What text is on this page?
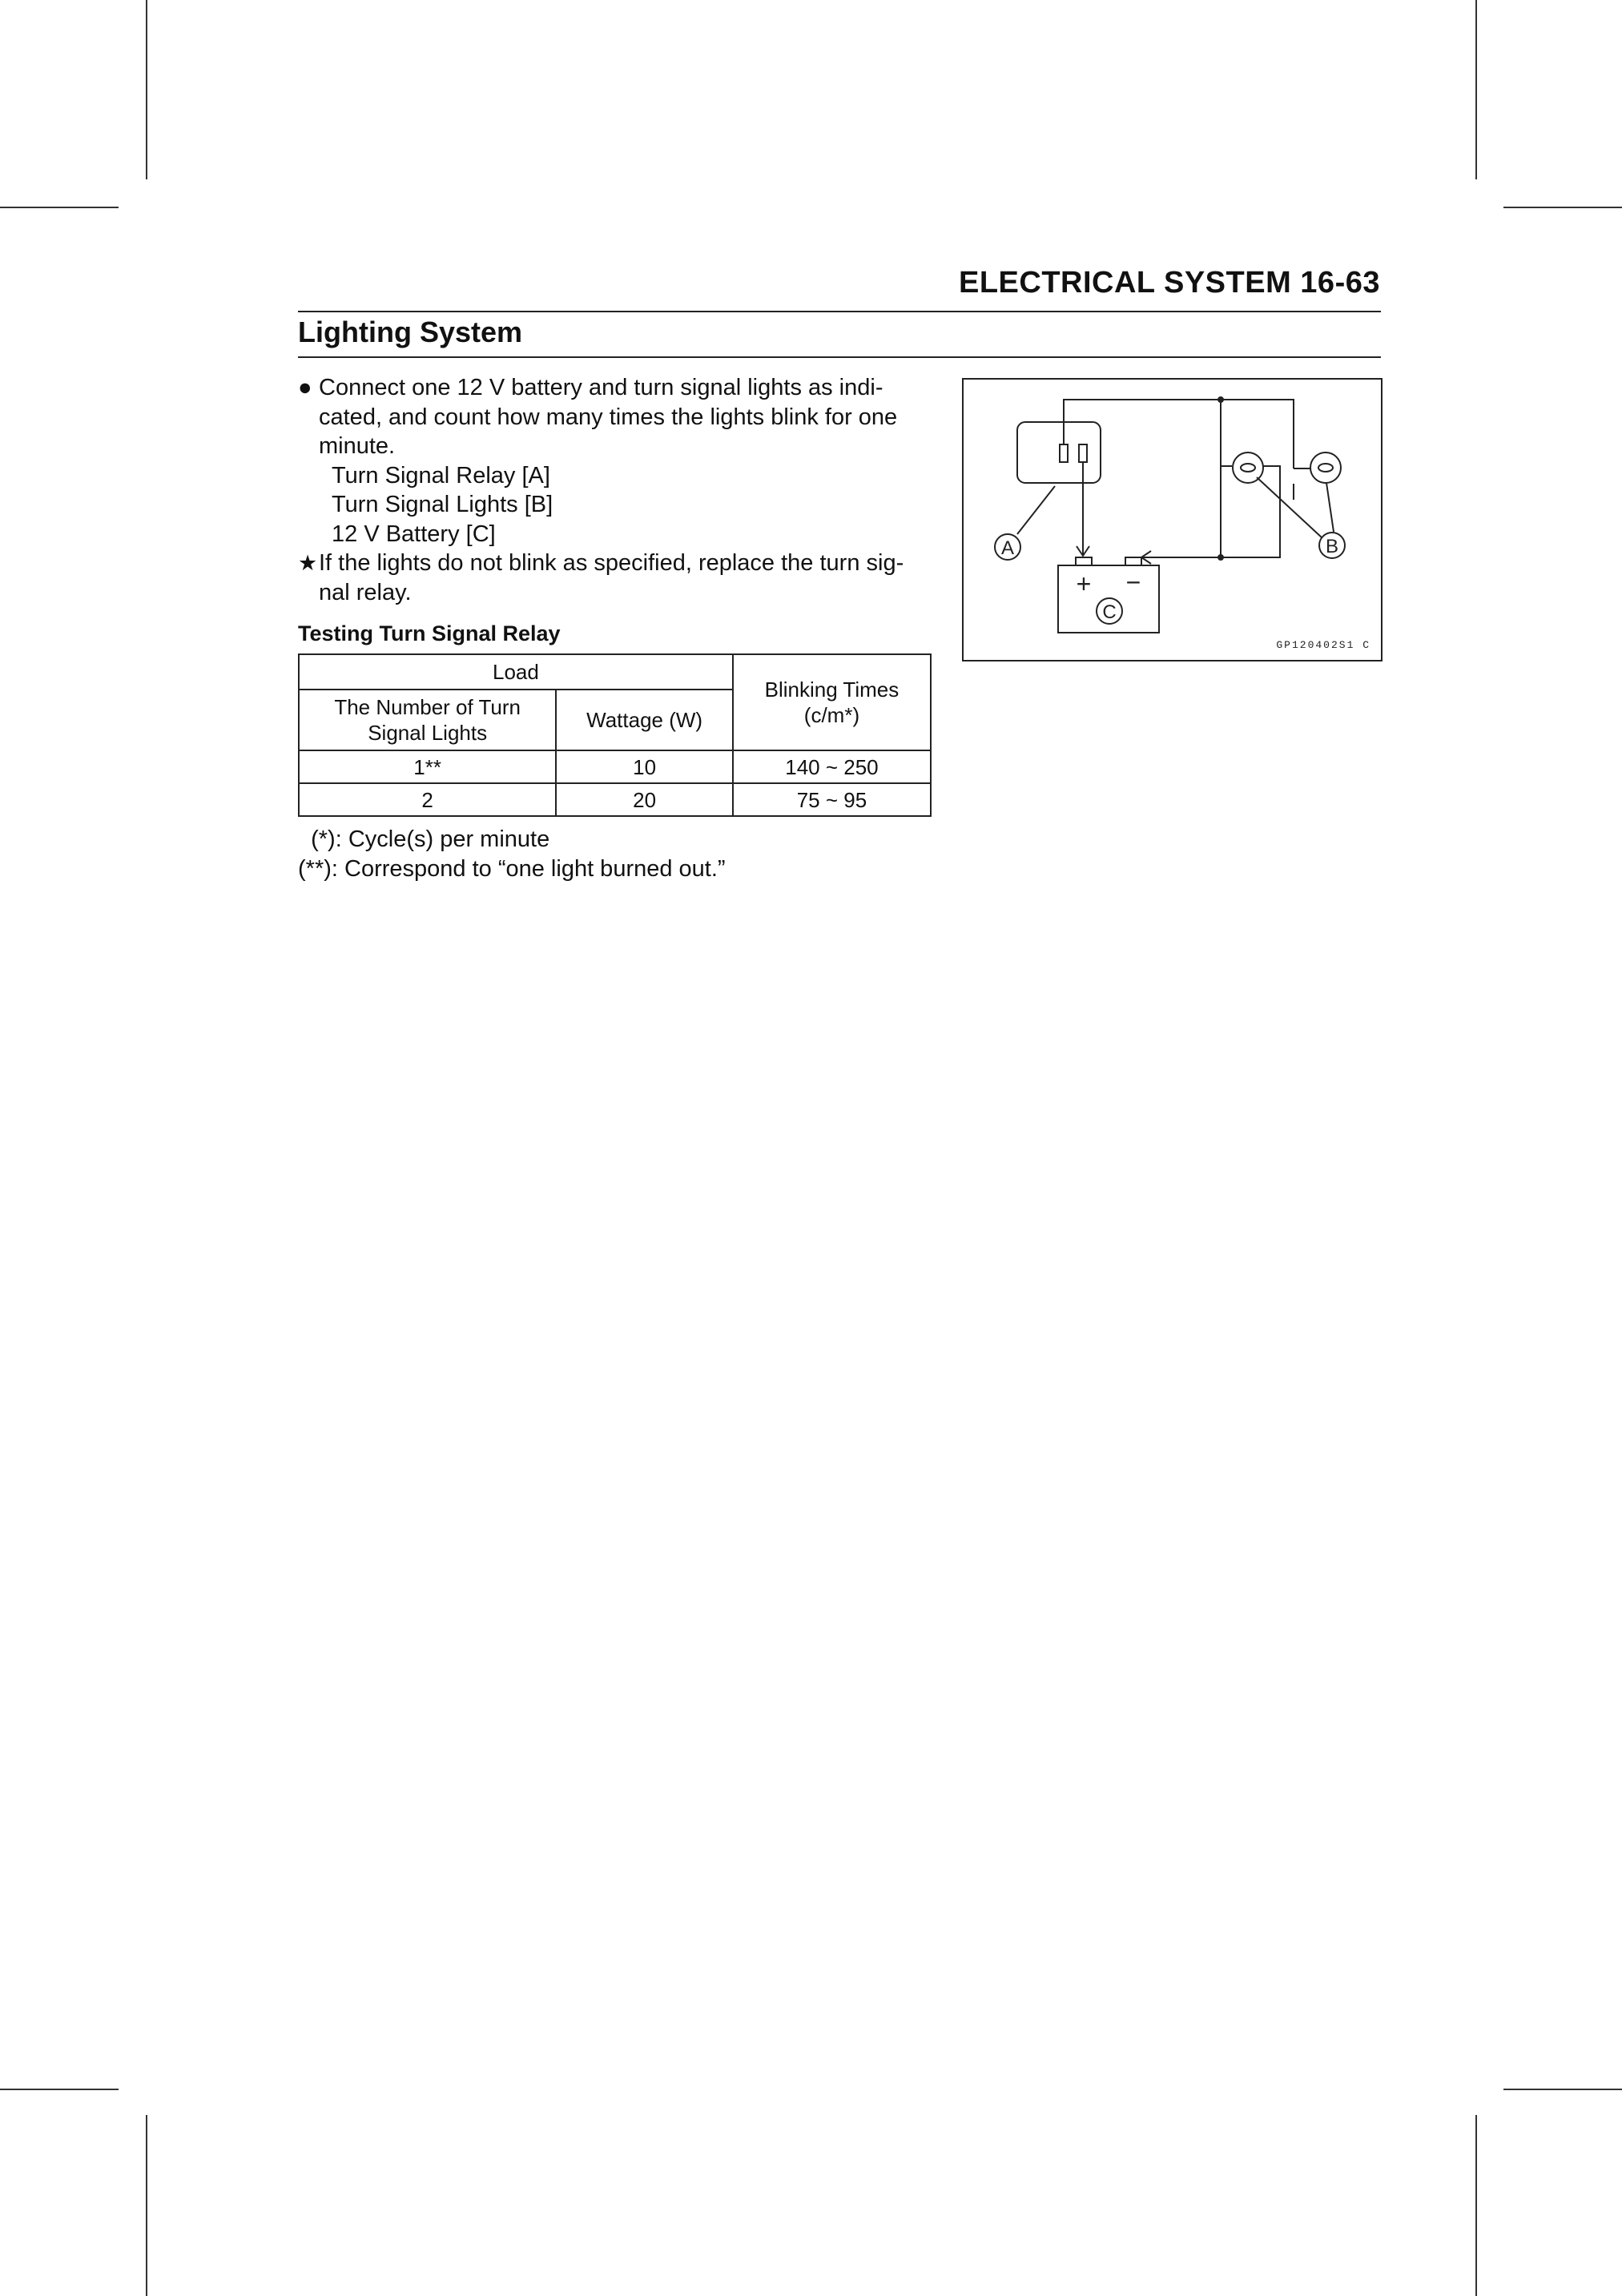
ELECTRICAL SYSTEM 16-63
Lighting System
● Connect one 12 V battery and turn signal lights as indi-
cated, and count how many times the lights blink for one
minute.
Turn Signal Relay [A]
Turn Signal Lights [B]
12 V Battery [C]
★ If the lights do not blink as specified, replace the turn sig-
nal relay.
Testing Turn Signal Relay
Load		Blinking Times (c/m*)
The Number of Turn Signal Lights	Wattage (W)	
1**	10	140 ~ 250
2	20	75 ~ 95
(*): Cycle(s) per minute
(**): Correspond to “one light burned out.”
A	B
C
+ −
GP120402S1 C
